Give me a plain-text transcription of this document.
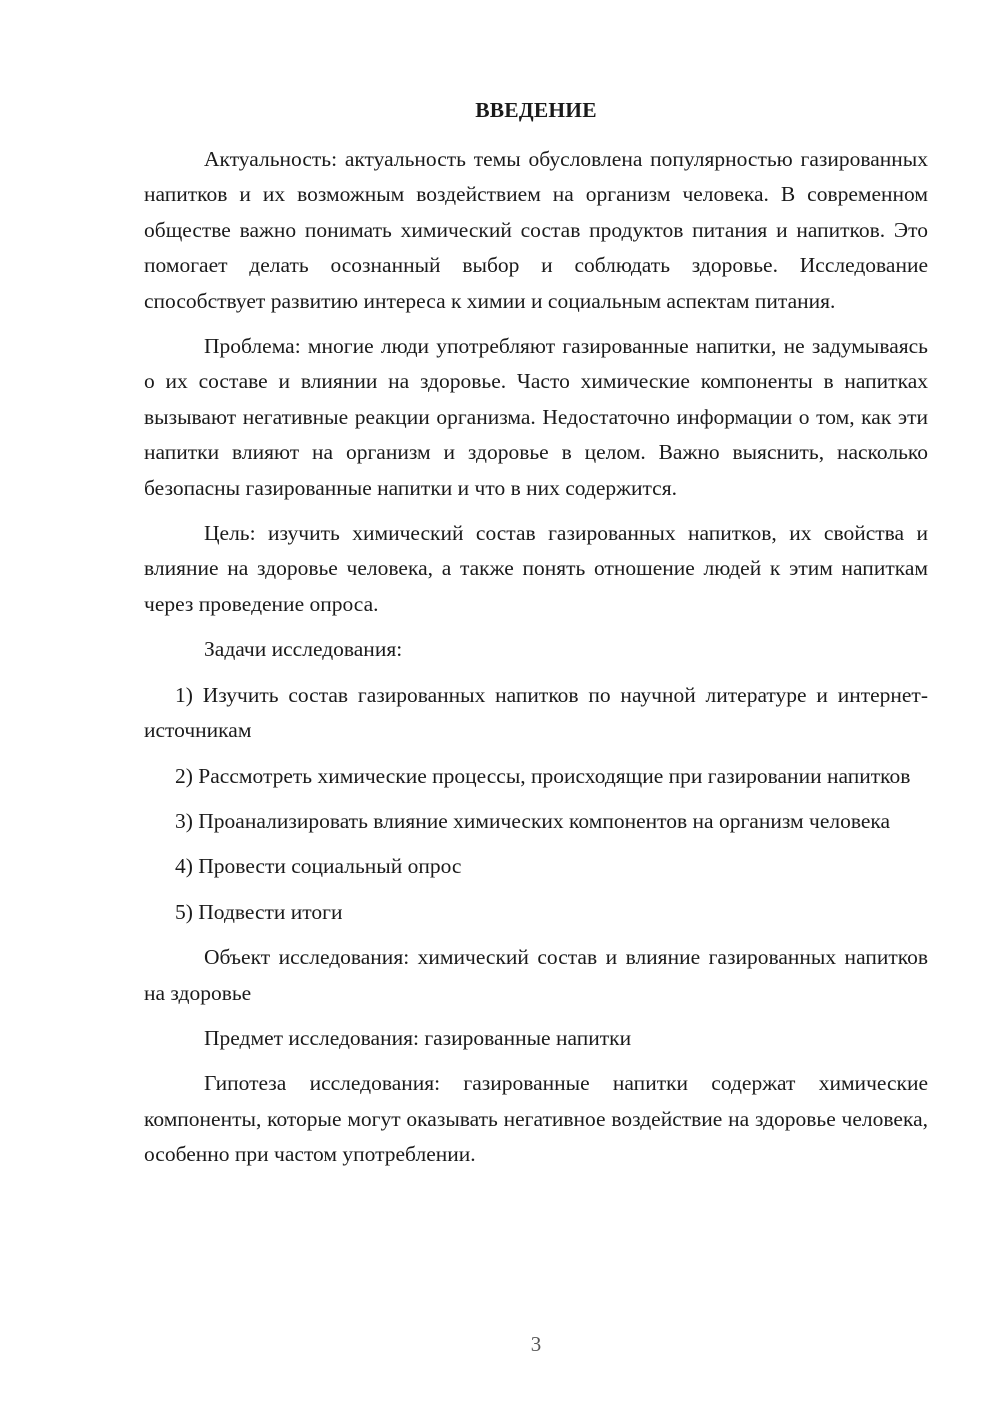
ВВЕДЕНИЕ

Актуальность: актуальность темы обусловлена популярностью газированных напитков и их возможным воздействием на организм человека. В современном обществе важно понимать химический состав продуктов питания и напитков. Это помогает делать осознанный выбор и соблюдать здоровье. Исследование способствует развитию интереса к химии и социальным аспектам питания.

Проблема: многие люди употребляют газированные напитки, не задумываясь о их составе и влиянии на здоровье. Часто химические компоненты в напитках вызывают негативные реакции организма. Недостаточно информации о том, как эти напитки влияют на организм и здоровье в целом. Важно выяснить, насколько безопасны газированные напитки и что в них содержится.

Цель: изучить химический состав газированных напитков, их свойства и влияние на здоровье человека, а также понять отношение людей к этим напиткам через проведение опроса.

Задачи исследования:

1) Изучить состав газированных напитков по научной литературе и интернет-источникам

2) Рассмотреть химические процессы, происходящие при газировании напитков

3) Проанализировать влияние химических компонентов на организм человека

4) Провести социальный опрос

5) Подвести итоги

Объект исследования: химический состав и влияние газированных напитков на здоровье

Предмет исследования: газированные напитки

Гипотеза исследования: газированные напитки содержат химические компоненты, которые могут оказывать негативное воздействие на здоровье человека, особенно при частом употреблении.

3
